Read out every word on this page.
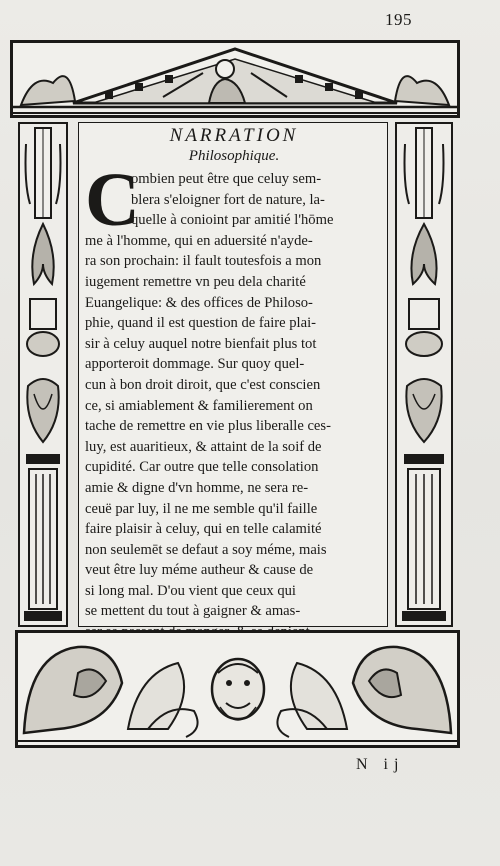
195
NARRATION
Philosophique.
ombien peut être que celuy sem-
blera s'eloigner fort de nature, la-
quelle à conioint par amitié l'hōme
me à l'homme, qui en aduersité n'ayde-
ra son prochain: il fault toutesfois a mon
iugement remettre vn peu dela charité
Euangelique: & des offices de Philoso-
phie, quand il est question de faire plai-
sir à celuy auquel notre bienfait plus tot
apporteroit dommage. Sur quoy quel-
cun à bon droit diroit, que c'est conscien
ce, si amiablement & familierement on
tache de remettre en vie plus liberalle ces-
luy, est auaritieux, & attaint de la soif de
cupidité. Car outre que telle consolation
amie & digne d'vn homme, ne sera re-
ceuë par luy, il ne me semble qu'il faille
faire plaisir à celuy, qui en telle calamité
non seulemēt se defaut a soy méme, mais
veut être luy méme autheur & cause de
si long mal. D'ou vient que ceux qui
se mettent du tout à gaigner & amas-
C
N ij
